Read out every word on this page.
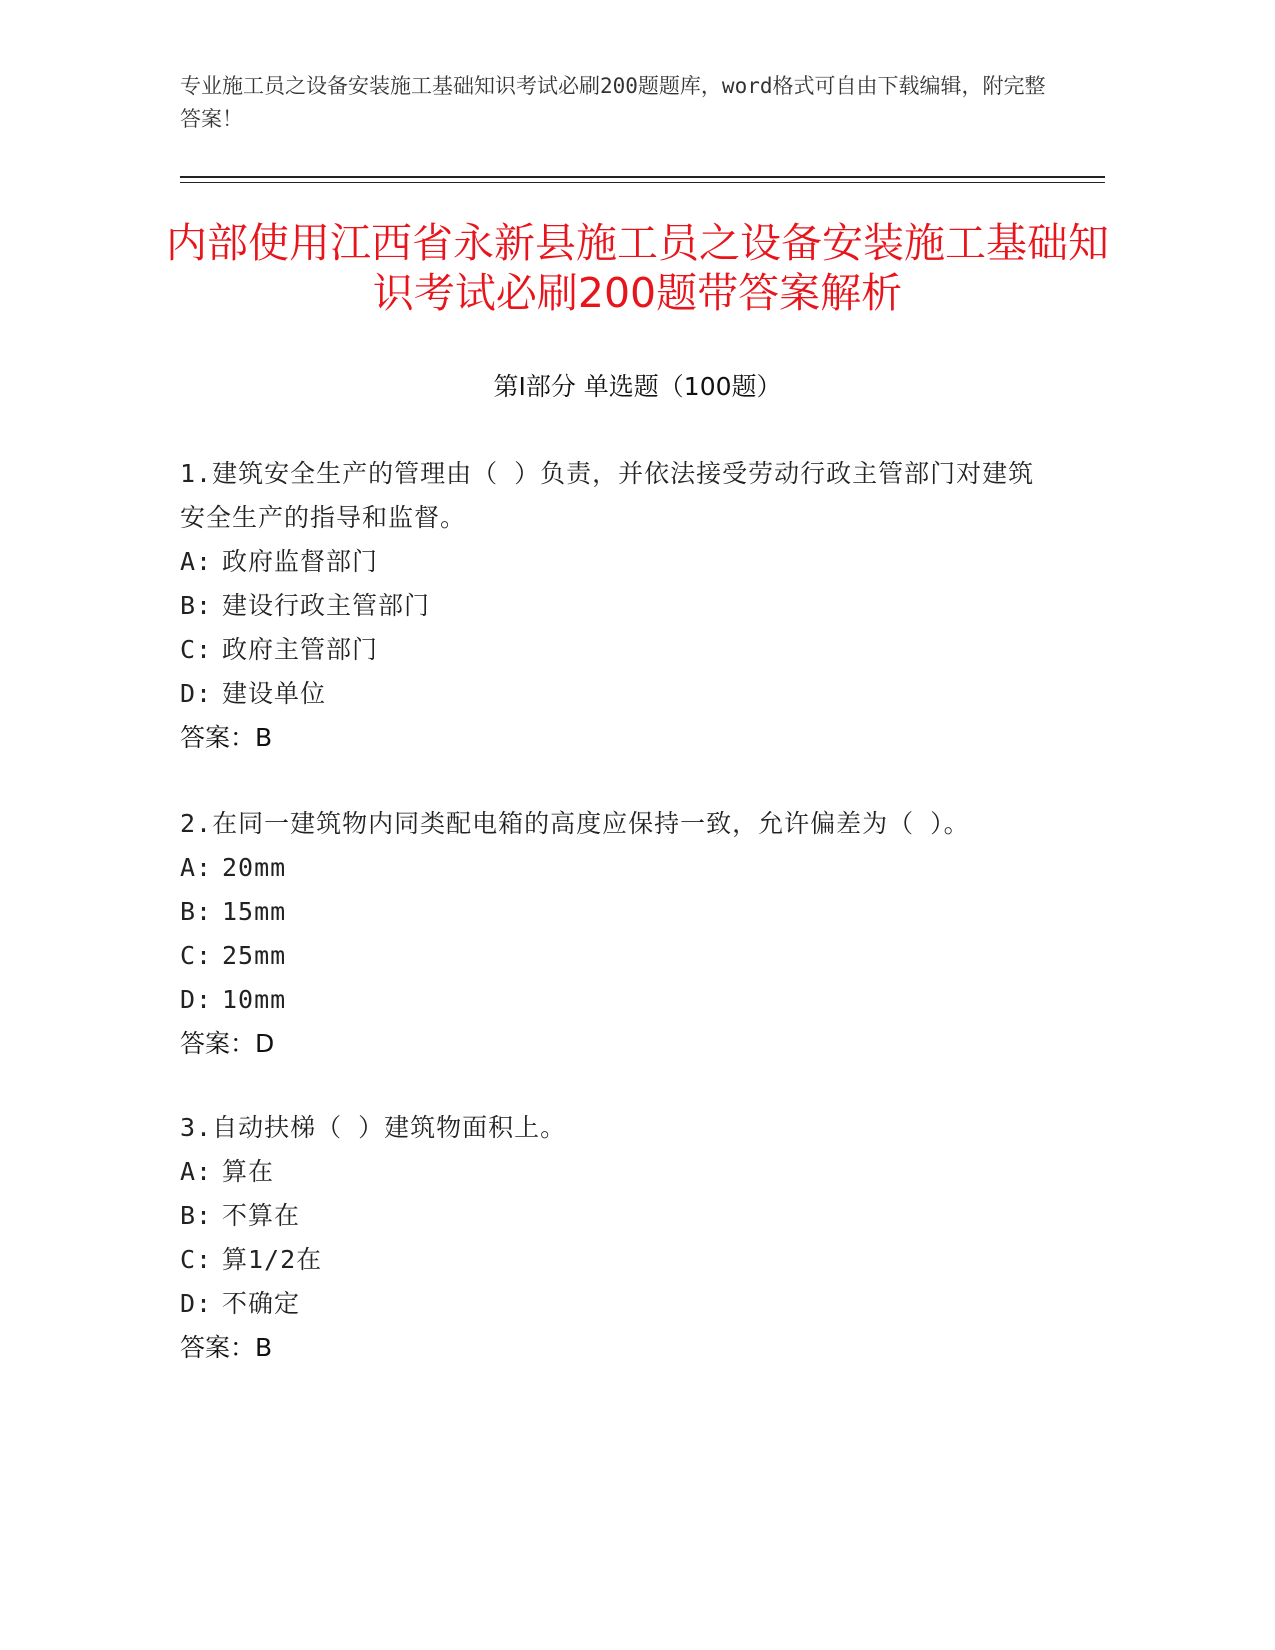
专业施工员之设备安装施工基础知识考试必刷200题题库，word格式可自由下载编辑，附完整答案！
内部使用江西省永新县施工员之设备安装施工基础知识考试必刷200题带答案解析
第Ⅰ部分 单选题（100题）
1.建筑安全生产的管理由（ ）负责，并依法接受劳动行政主管部门对建筑安全生产的指导和监督。
A: 政府监督部门
B: 建设行政主管部门
C: 政府主管部门
D: 建设单位
答案：B
2.在同一建筑物内同类配电箱的高度应保持一致，允许偏差为（ ）。
A: 20mm
B: 15mm
C: 25mm
D: 10mm
答案：D
3.自动扶梯（ ）建筑物面积上。
A: 算在
B: 不算在
C: 算1/2在
D: 不确定
答案：B
